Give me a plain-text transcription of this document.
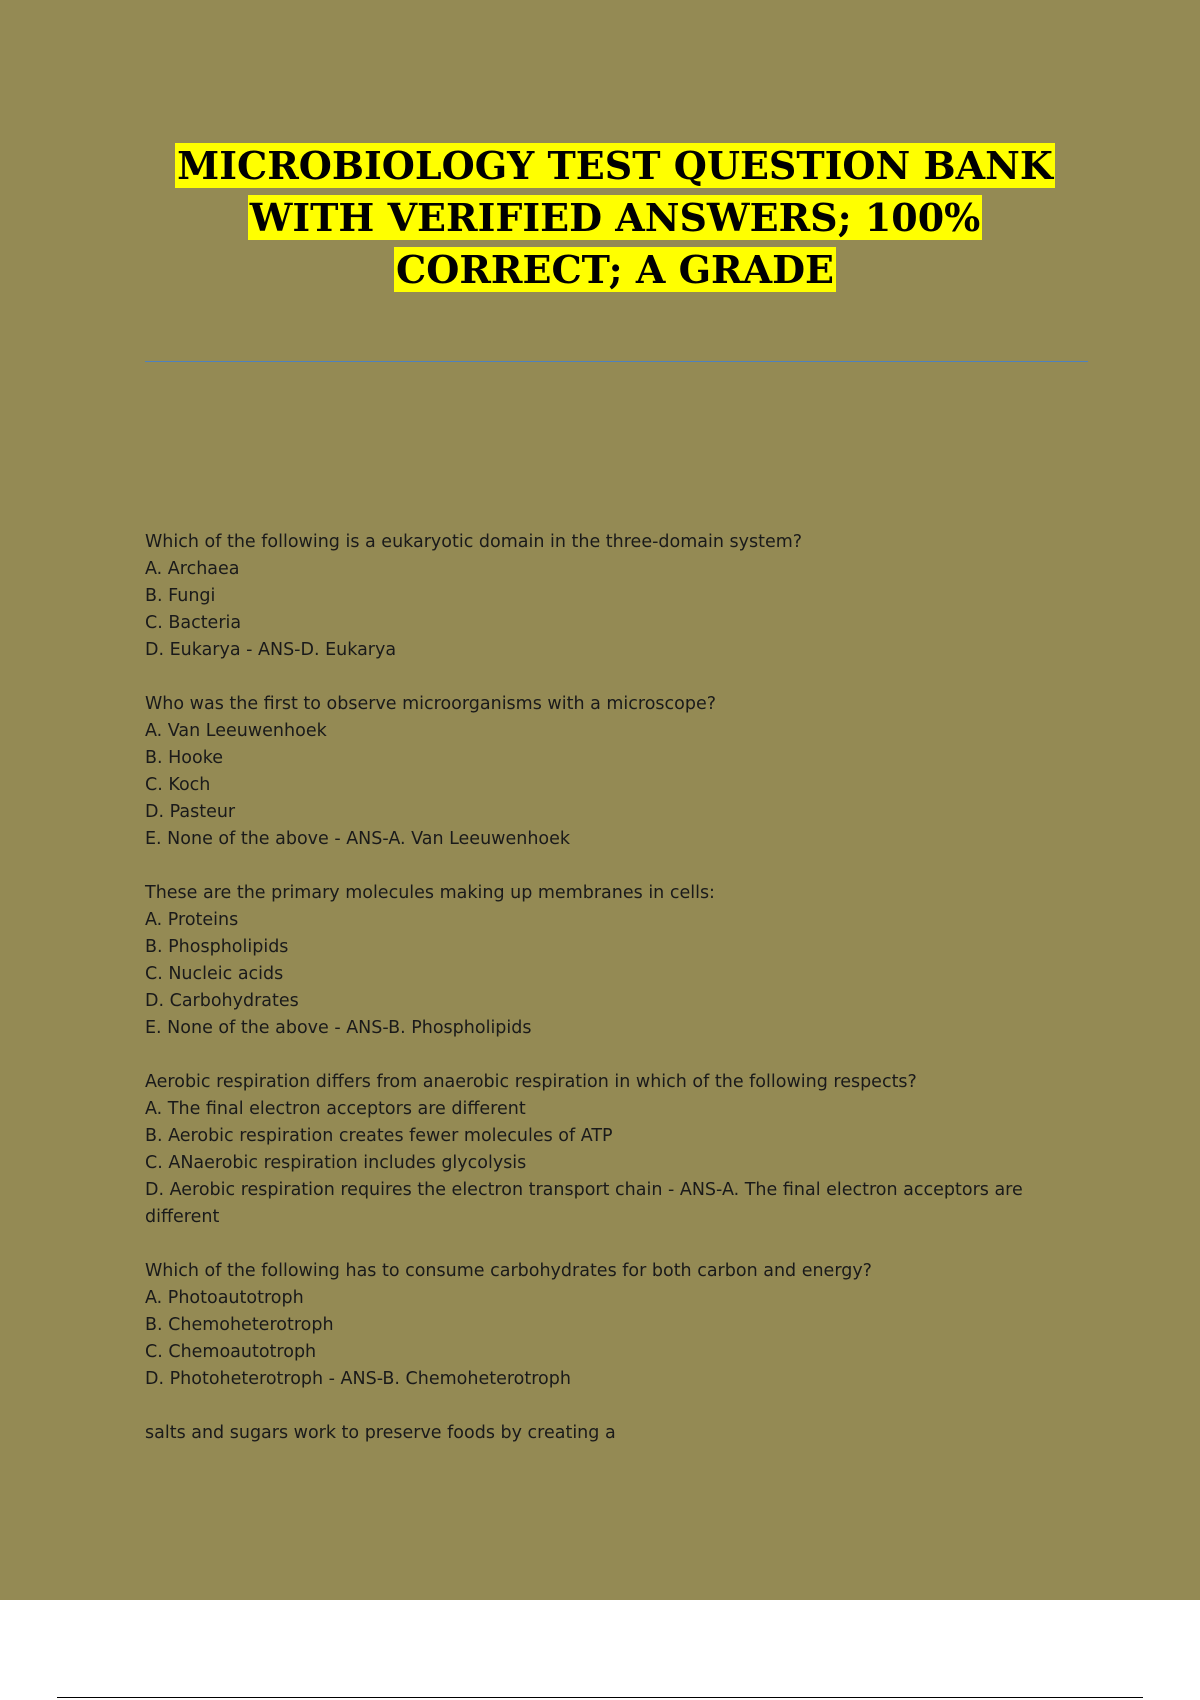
MICROBIOLOGY TEST QUESTION BANK WITH VERIFIED ANSWERS; 100% CORRECT; A GRADE
Which of the following is a eukaryotic domain in the three-domain system?
A. Archaea
B. Fungi
C. Bacteria
D. Eukarya - ANS-D. Eukarya
Who was the first to observe microorganisms with a microscope?
A. Van Leeuwenhoek
B. Hooke
C. Koch
D. Pasteur
E. None of the above - ANS-A. Van Leeuwenhoek
These are the primary molecules making up membranes in cells:
A. Proteins
B. Phospholipids
C. Nucleic acids
D. Carbohydrates
E. None of the above - ANS-B. Phospholipids
Aerobic respiration differs from anaerobic respiration in which of the following respects?
A. The final electron acceptors are different
B. Aerobic respiration creates fewer molecules of ATP
C. ANaerobic respiration includes glycolysis
D. Aerobic respiration requires the electron transport chain - ANS-A. The final electron acceptors are different
Which of the following has to consume carbohydrates for both carbon and energy?
A. Photoautotroph
B. Chemoheterotroph
C. Chemoautotroph
D. Photoheterotroph - ANS-B. Chemoheterotroph
salts and sugars work to preserve foods by creating a
